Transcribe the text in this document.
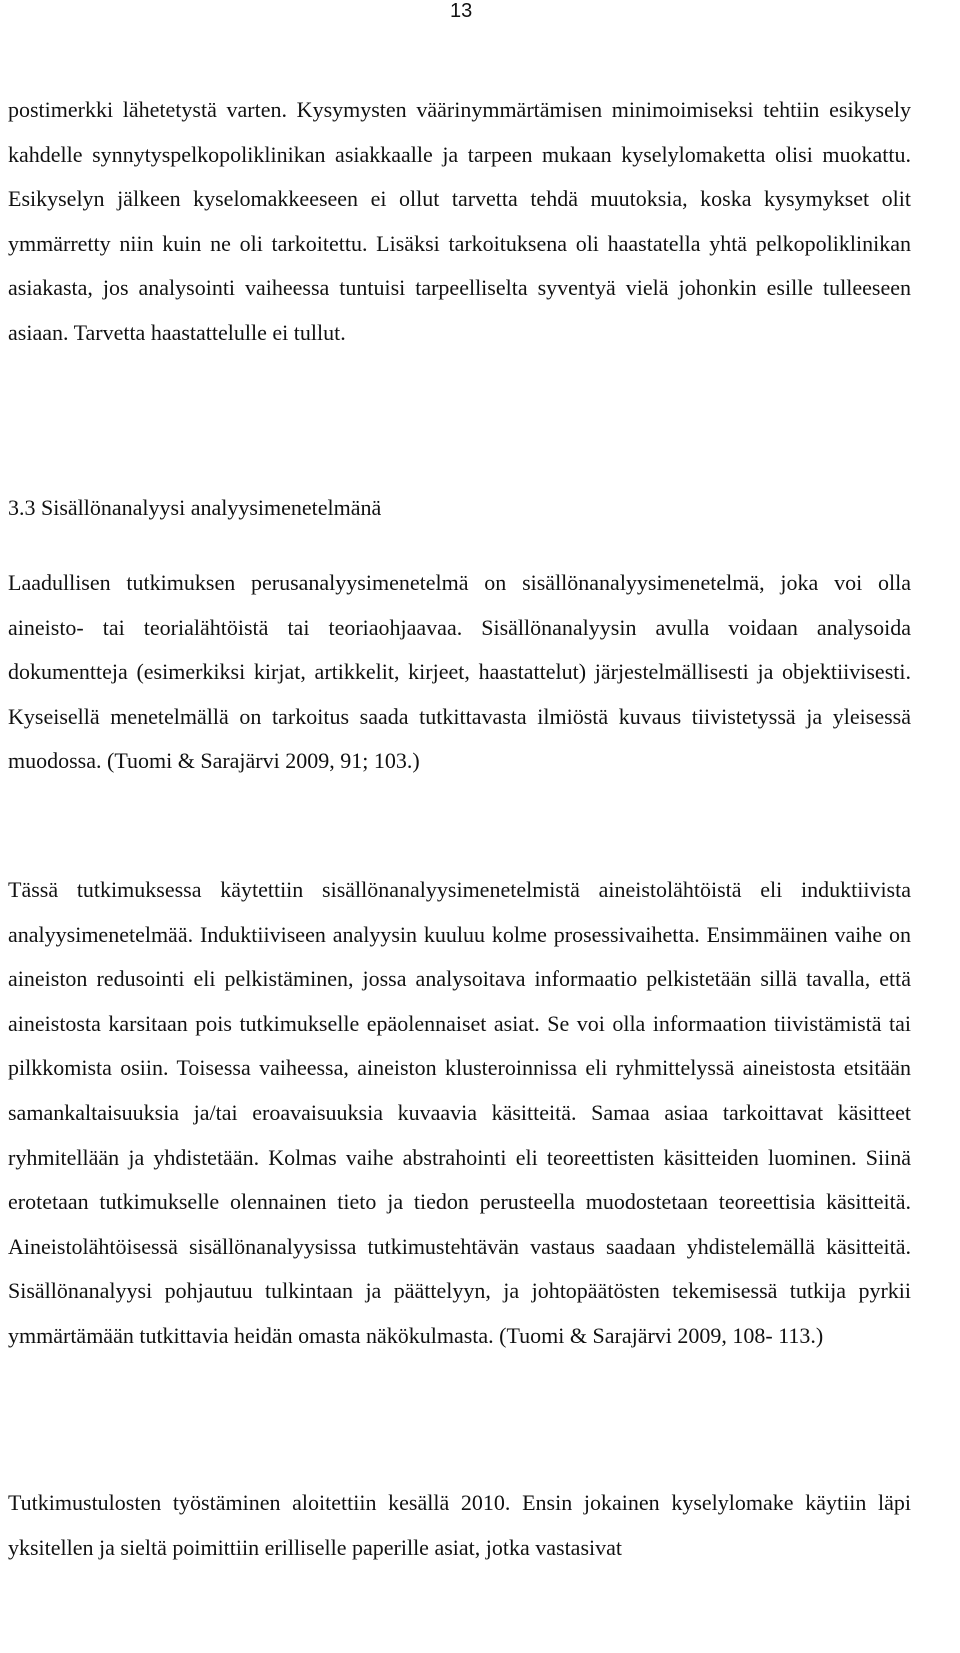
13

postimerkki lähetetystä varten. Kysymysten väärinymmärtämisen minimoimiseksi tehtiin esikysely kahdelle synnytyspelkopoliklinikan asiakkaalle ja tarpeen mukaan kyselylomaketta olisi muokattu. Esikyselyn jälkeen kyselomakkeeseen ei ollut tarvetta tehdä muutoksia, koska kysymykset olit ymmärretty niin kuin ne oli tarkoitettu. Lisäksi tarkoituksena oli haastatella yhtä pelkopoliklinikan asiakasta, jos analysointi vaiheessa tuntuisi tarpeelliselta syventyä vielä johonkin esille tulleeseen asiaan. Tarvetta haastattelulle ei tullut.

3.3 Sisällönanalyysi analyysimenetelmänä

Laadullisen tutkimuksen perusanalyysimenetelmä on sisällönanalyysimenetelmä, joka voi olla aineisto- tai teorialähtöistä tai teoriaohjaavaa. Sisällönanalyysin avulla voidaan analysoida dokumentteja (esimerkiksi kirjat, artikkelit, kirjeet, haastattelut) järjestelmällisesti ja objektiivisesti. Kyseisellä menetelmällä on tarkoitus saada tutkittavasta ilmiöstä kuvaus tiivistetyssä ja yleisessä muodossa. (Tuomi & Sarajärvi 2009, 91; 103.)

Tässä tutkimuksessa käytettiin sisällönanalyysimenetelmistä aineistolähtöistä eli induktiivista analyysimenetelmää. Induktiiviseen analyysin kuuluu kolme prosessivaihetta. Ensimmäinen vaihe on aineiston redusointi eli pelkistäminen, jossa analysoitava informaatio pelkistetään sillä tavalla, että aineistosta karsitaan pois tutkimukselle epäolennaiset asiat. Se voi olla informaation tiivistämistä tai pilkkomista osiin. Toisessa vaiheessa, aineiston klusteroinnissa eli ryhmittelyssä aineistosta etsitään samankaltaisuuksia ja/tai eroavaisuuksia kuvaavia käsitteitä. Samaa asiaa tarkoittavat käsitteet ryhmitellään ja yhdistetään. Kolmas vaihe abstrahointi eli teoreettisten käsitteiden luominen. Siinä erotetaan tutkimukselle olennainen tieto ja tiedon perusteella muodostetaan teoreettisia käsitteitä. Aineistolähtöisessä sisällönanalyysissa tutkimustehtävän vastaus saadaan yhdistelemällä käsitteitä. Sisällönanalyysi pohjautuu tulkintaan ja päättelyyn, ja johtopäätösten tekemisessä tutkija pyrkii ymmärtämään tutkittavia heidän omasta näkökulmasta. (Tuomi & Sarajärvi 2009, 108- 113.)

Tutkimustulosten työstäminen aloitettiin kesällä 2010. Ensin jokainen kyselylomake käytiin läpi yksitellen ja sieltä poimittiin erilliselle paperille asiat, jotka vastasivat
